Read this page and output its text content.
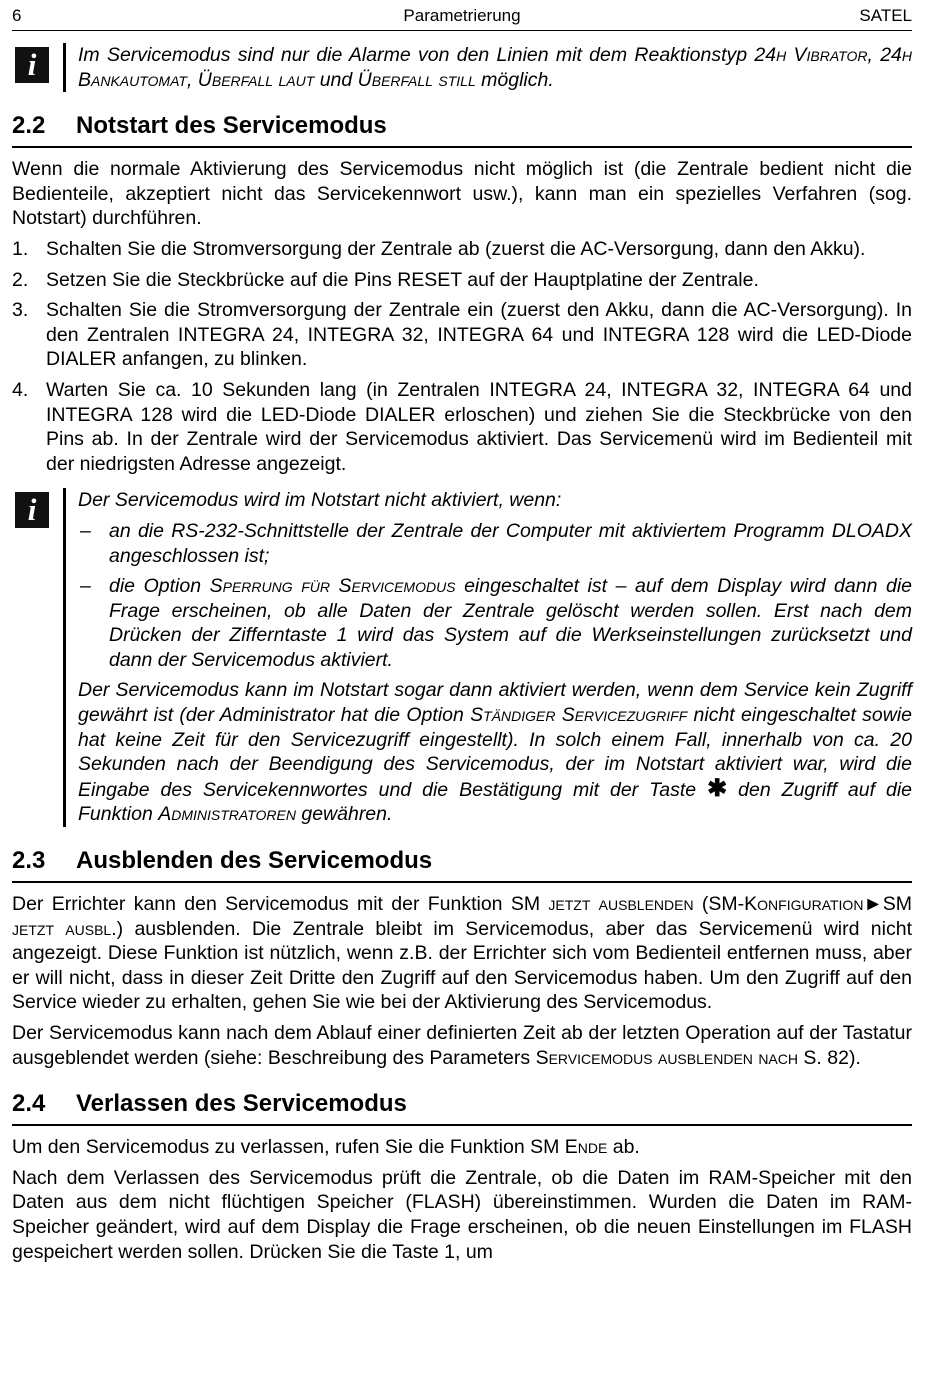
6	Parametrierung	SATEL
i	Im Servicemodus sind nur die Alarme von den Linien mit dem Reaktionstyp 24h Vibrator, 24h Bankautomat, Überfall laut und Überfall still möglich.

2.2 Notstart des Servicemodus

Wenn die normale Aktivierung des Servicemodus nicht möglich ist (die Zentrale bedient nicht die Bedienteile, akzeptiert nicht das Servicekennwort usw.), kann man ein spezielles Verfahren (sog. Notstart) durchführen.

1. Schalten Sie die Stromversorgung der Zentrale ab (zuerst die AC-Versorgung, dann den Akku).
2. Setzen Sie die Steckbrücke auf die Pins RESET auf der Hauptplatine der Zentrale.
3. Schalten Sie die Stromversorgung der Zentrale ein (zuerst den Akku, dann die AC-Versorgung). In den Zentralen INTEGRA 24, INTEGRA 32, INTEGRA 64 und INTEGRA 128 wird die LED-Diode DIALER anfangen, zu blinken.
4. Warten Sie ca. 10 Sekunden lang (in Zentralen INTEGRA 24, INTEGRA 32, INTEGRA 64 und INTEGRA 128 wird die LED-Diode DIALER erloschen) und ziehen Sie die Steckbrücke von den Pins ab. In der Zentrale wird der Servicemodus aktiviert. Das Servicemenü wird im Bedienteil mit der niedrigsten Adresse angezeigt.
i	Der Servicemodus wird im Notstart nicht aktiviert, wenn:

– an die RS-232-Schnittstelle der Zentrale der Computer mit aktiviertem Programm DLOADX angeschlossen ist;
– die Option Sperrung für Servicemodus eingeschaltet ist – auf dem Display wird dann die Frage erscheinen, ob alle Daten der Zentrale gelöscht werden sollen. Erst nach dem Drücken der Zifferntaste 1 wird das System auf die Werkseinstellungen zurücksetzt und dann der Servicemodus aktiviert.

Der Servicemodus kann im Notstart sogar dann aktiviert werden, wenn dem Service kein Zugriff gewährt ist (der Administrator hat die Option Ständiger Servicezugriff nicht eingeschaltet sowie hat keine Zeit für den Servicezugriff eingestellt). In solch einem Fall, innerhalb von ca. 20 Sekunden nach der Beendigung des Servicemodus, der im Notstart aktiviert war, wird die Eingabe des Servicekennwortes und die Bestätigung mit der Taste ✱ den Zugriff auf die Funktion Administratoren gewähren.

2.3 Ausblenden des Servicemodus

Der Errichter kann den Servicemodus mit der Funktion SM jetzt ausblenden (SM-Konfiguration►SM jetzt ausbl.) ausblenden. Die Zentrale bleibt im Servicemodus, aber das Servicemenü wird nicht angezeigt. Diese Funktion ist nützlich, wenn z.B. der Errichter sich vom Bedienteil entfernen muss, aber er will nicht, dass in dieser Zeit Dritte den Zugriff auf den Servicemodus haben. Um den Zugriff auf den Service wieder zu erhalten, gehen Sie wie bei der Aktivierung des Servicemodus.

Der Servicemodus kann nach dem Ablauf einer definierten Zeit ab der letzten Operation auf der Tastatur ausgeblendet werden (siehe: Beschreibung des Parameters Servicemodus ausblenden nach S. 82).

2.4 Verlassen des Servicemodus

Um den Servicemodus zu verlassen, rufen Sie die Funktion SM Ende ab.

Nach dem Verlassen des Servicemodus prüft die Zentrale, ob die Daten im RAM-Speicher mit den Daten aus dem nicht flüchtigen Speicher (FLASH) übereinstimmen. Wurden die Daten im RAM-Speicher geändert, wird auf dem Display die Frage erscheinen, ob die neuen Einstellungen im FLASH gespeichert werden sollen. Drücken Sie die Taste 1, um
